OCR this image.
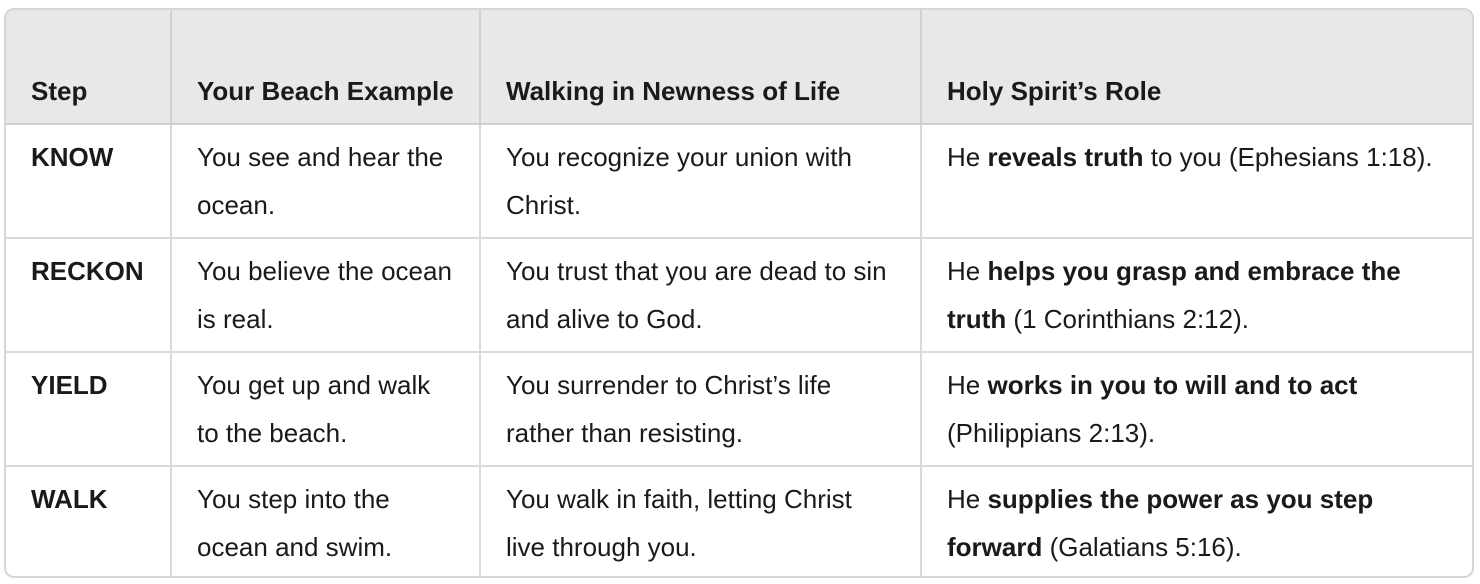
Step	Your Beach Example	Walking in Newness of Life	Holy Spirit’s Role
KNOW	You see and hear the ocean.	You recognize your union with Christ.	He reveals truth to you (Ephesians 1:18).
RECKON	You believe the ocean is real.	You trust that you are dead to sin and alive to God.	He helps you grasp and embrace the truth (1 Corinthians 2:12).
YIELD	You get up and walk to the beach.	You surrender to Christ’s life rather than resisting.	He works in you to will and to act (Philippians 2:13).
WALK	You step into the ocean and swim.	You walk in faith, letting Christ live through you.	He supplies the power as you step forward (Galatians 5:16).
